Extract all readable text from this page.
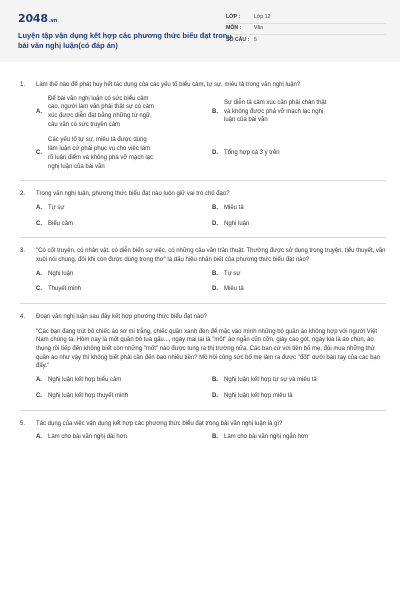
2048 .vn
Luyện tập vận dụng kết hợp các phương thức biểu đạt trong bài văn nghị luận(có đáp án)
LỚP :	Lớp 12
MÔN :	Văn
SỐ CÂU : 5
1.	Làm thế nào để phát huy hết tác dụng của các yếu tố biểu cảm, tự sự, miêu tả trong văn nghị luận?
A.
Để bài văn nghị luận có sức biểu cảm cao, người làm văn phải thật sự có cảm xúc được diễn đạt bằng những từ ngữ, câu văn có sức truyền cảm
B.
Sự diễn tả cảm xúc cần phải chân thật và không được phá vỡ mạch lạc nghị luận của bài văn
C.
Các yếu tố tự sự, miêu tả được dùng làm luận cứ phải phục vụ cho việc làm rõ luận điểm và không phá vỡ mạch lạc nghị luận của bài văn
D.	Tổng hợp cả 3 ý trên
2.	Trong văn nghị luận, phương thức biểu đạt nào luôn giữ vai trò chủ đạo?
A.	Tự sự	B.	Miêu tả
C.	Biểu cảm	D.	Nghị luận
3.	"Có cốt truyện, có nhân vật, có diễn biến sự việc, có những câu văn trần thuật. Thường được sử dụng trong truyện, tiểu thuyết, văn xuôi nói chung, đôi khi còn được dùng trong thơ" là dấu hiệu nhận biết của phương thức biểu đạt nào?
A.	Nghị luận	B.	Tự sự
C.	Thuyết minh	D.	Miêu tả
4.	Đoạn văn nghị luận sau đây kết hợp phương thức biểu đạt nào?
"Các bạn đang trút bỏ chiếc áo sơ mi trắng, chiếc quần xanh đen để mặc vào mình những bộ quần áo không hợp với người Việt Nam chúng ta. Hôm nay là mốt quần bò tua gấu..., ngày mai lại là "mốt" áo ngắn cũn cỡn, giày cao gót, ngày kia là áo chùn, áo thụng rồi tiếp đến không biết còn những "mốt" nào được tung ra thị trường nữa. Các bạn cứ vơi tiền bố mẹ, đòi mua những thứ quần áo như vậy thì không biết phải cần đến bao nhiêu tiền? Mồ hôi công sức bố mẹ làm ra được "đốt" dưới bàn tay của các bạn đấy."
A.	Nghị luận kết hợp biểu cảm	B.	Nghị luận kết hợp tự sự và miêu tả
C.	Nghị luận kết hợp thuyết minh	D.	Nghị luận kết hợp miêu tả
5.	Tác dụng của việc vận dụng kết hợp các phương thức biểu đạt trong bài văn nghị luận là gì?
A.	Làm cho bài văn nghị dài hơn	B.	Làm cho bài văn nghị ngắn hơn
